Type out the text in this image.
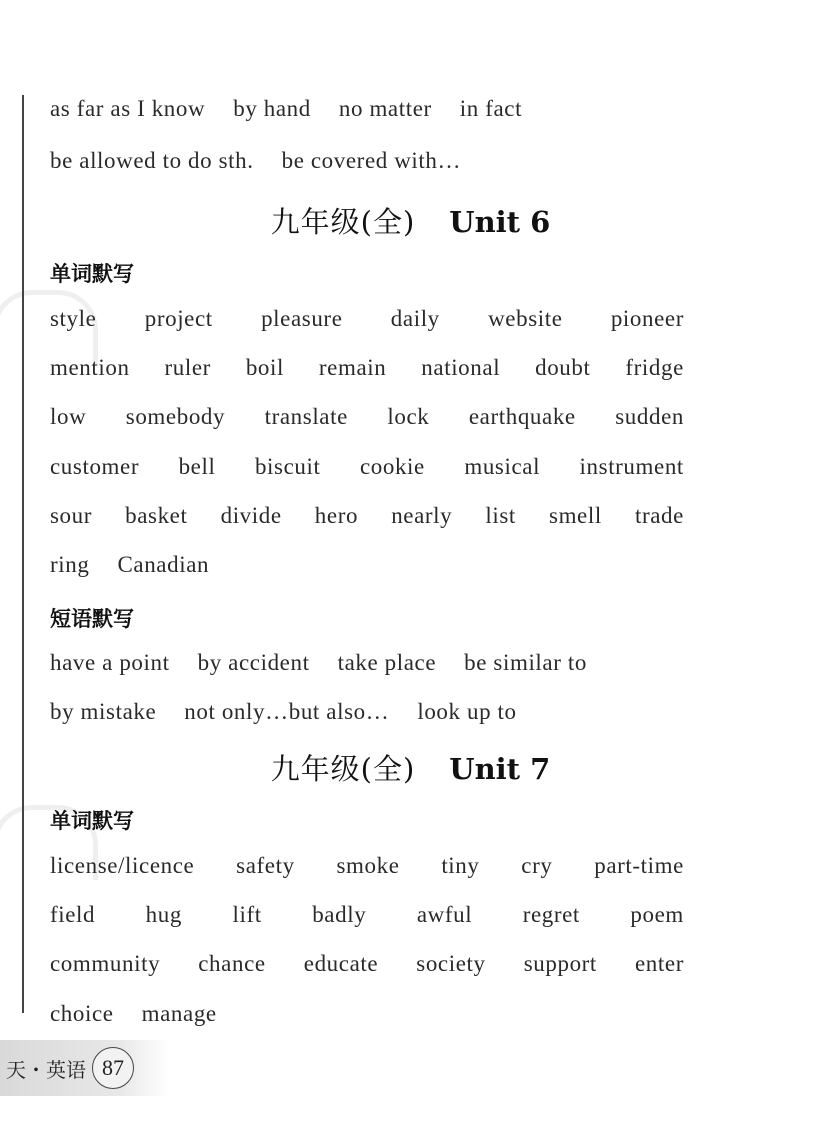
as far as I know by hand no matter in fact
be allowed to do sth. be covered with…
九年级(全) Unit 6
单词默写
style project pleasure daily website pioneer
mention ruler boil remain national doubt fridge
low somebody translate lock earthquake sudden
customer bell biscuit cookie musical instrument
sour basket divide hero nearly list smell trade
ring Canadian
短语默写
have a point by accident take place be similar to
by mistake not only…but also… look up to
九年级(全) Unit 7
单词默写
license/licence safety smoke tiny cry part-time
field hug lift badly awful regret poem
community chance educate society support enter
choice manage
天・英语 87
